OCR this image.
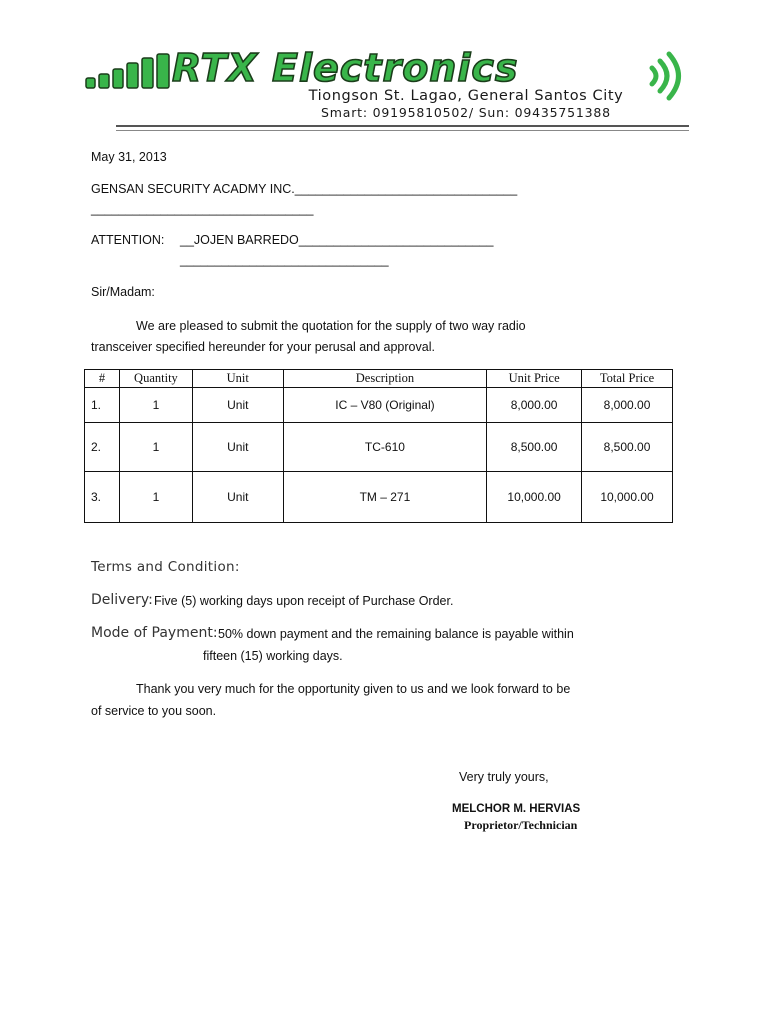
RTX Electronics
Tiongson St. Lagao, General Santos City
Smart: 09195810502/ Sun: 09435751388
May 31, 2013
GENSAN SECURITY ACADMY INC.________________________________
________________________________
ATTENTION: __JOJEN BARREDO____________________________
______________________________
Sir/Madam:
We are pleased to submit the quotation for the supply of two way radio
transceiver specified hereunder for your perusal and approval.
#	Quantity	Unit	Description	Unit Price	Total Price
1.	1	Unit	IC – V80 (Original)	8,000.00	8,000.00
2.	1	Unit	TC-610	8,500.00	8,500.00
3.	1	Unit	TM – 271	10,000.00	10,000.00
Terms and Condition:
Delivery: Five (5) working days upon receipt of Purchase Order.
Mode of Payment: 50% down payment and the remaining balance is payable within
fifteen (15) working days.
Thank you very much for the opportunity given to us and we look forward to be
of service to you soon.
Very truly yours,
MELCHOR M. HERVIAS
Proprietor/Technician
